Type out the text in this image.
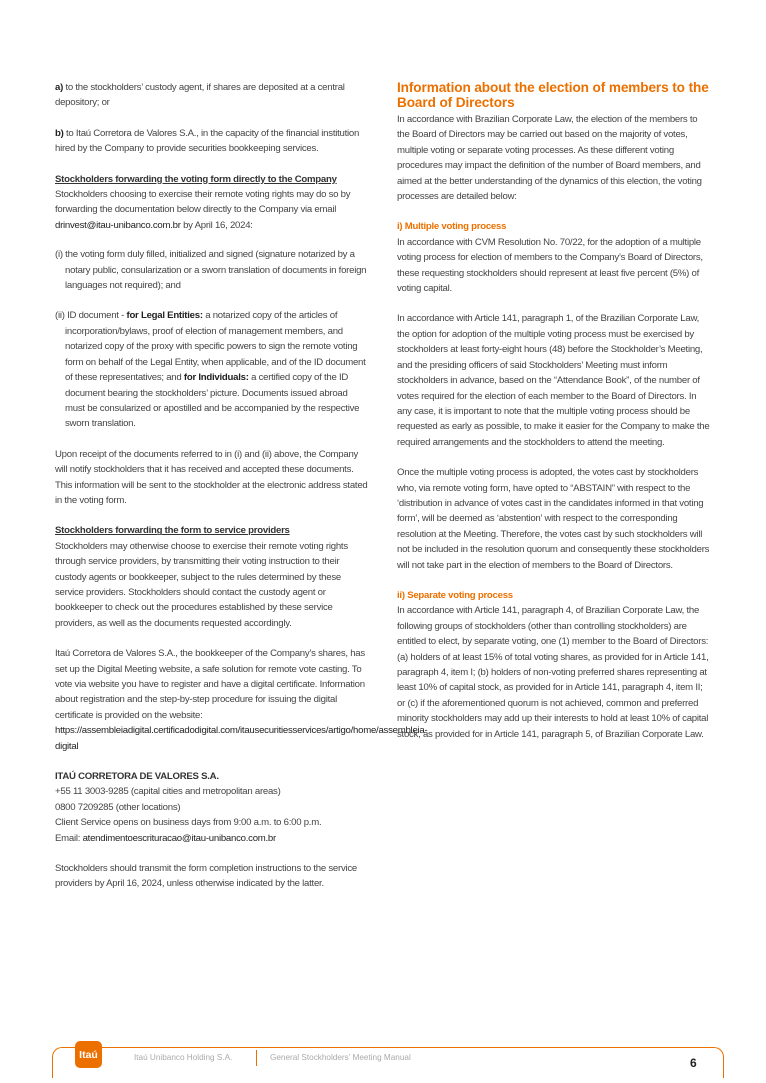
a) to the stockholders’ custody agent, if shares are deposited at a central depository; or

b) to Itaú Corretora de Valores S.A., in the capacity of the financial institution hired by the Company to provide securities bookkeeping services.

Stockholders forwarding the voting form directly to the Company
Stockholders choosing to exercise their remote voting rights may do so by forwarding the documentation below directly to the Company via email drinvest@itau-unibanco.com.br by April 16, 2024:

(i) the voting form duly filled, initialized and signed (signature notarized by a notary public, consularization or a sworn translation of documents in foreign languages not required); and
(ii) ID document - for Legal Entities: a notarized copy of the articles of incorporation/bylaws, proof of election of management members, and notarized copy of the proxy with specific powers to sign the remote voting form on behalf of the Legal Entity, when applicable, and of the ID document of these representatives; and for Individuals: a certified copy of the ID document bearing the stockholders’ picture. Documents issued abroad must be consularized or apostilled and be accompanied by the respective sworn translation.

Upon receipt of the documents referred to in (i) and (ii) above, the Company will notify stockholders that it has received and accepted these documents. This information will be sent to the stockholder at the electronic address stated in the voting form.

Stockholders forwarding the form to service providers
Stockholders may otherwise choose to exercise their remote voting rights through service providers, by transmitting their voting instruction to their custody agents or bookkeeper, subject to the rules determined by these service providers. Stockholders should contact the custody agent or bookkeeper to check out the procedures established by these service providers, as well as the documents requested accordingly.

Itaú Corretora de Valores S.A., the bookkeeper of the Company’s shares, has set up the Digital Meeting website, a safe solution for remote vote casting. To vote via website you have to register and have a digital certificate. Information about registration and the step-by-step procedure for issuing the digital certificate is provided on the website: https://assembleiadigital.certificadodigital.com/itausecuritiesservices/artigo/home/assembleia-digital

ITAÚ CORRETORA DE VALORES S.A.

+55 11 3003-9285 (capital cities and metropolitan areas)
0800 7209285 (other locations)
Client Service opens on business days from 9:00 a.m. to 6:00 p.m.
Email: atendimentoescrituracao@itau-unibanco.com.br

Stockholders should transmit the form completion instructions to the service providers by April 16, 2024, unless otherwise indicated by the latter.

Information about the election of members to the Board of Directors

In accordance with Brazilian Corporate Law, the election of the members to the Board of Directors may be carried out based on the majority of votes, multiple voting or separate voting processes. As these different voting procedures may impact the definition of the number of Board members, and aimed at the better understanding of the dynamics of this election, the voting processes are detailed below:

i) Multiple voting process

In accordance with CVM Resolution No. 70/22, for the adoption of a multiple voting process for election of members to the Company’s Board of Directors, these requesting stockholders should represent at least five percent (5%) of voting capital.

In accordance with Article 141, paragraph 1, of the Brazilian Corporate Law, the option for adoption of the multiple voting process must be exercised by stockholders at least forty-eight hours (48) before the Stockholder’s Meeting, and the presiding officers of said Stockholders’ Meeting must inform stockholders in advance, based on the “Attendance Book”, of the number of votes required for the election of each member to the Board of Directors. In any case, it is important to note that the multiple voting process should be requested as early as possible, to make it easier for the Company to make the required arrangements and the stockholders to attend the meeting.

Once the multiple voting process is adopted, the votes cast by stockholders who, via remote voting form, have opted to “ABSTAIN” with respect to the ‘distribution in advance of votes cast in the candidates informed in that voting form’, will be deemed as ‘abstention’ with respect to the corresponding resolution at the Meeting. Therefore, the votes cast by such stockholders will not be included in the resolution quorum and consequently these stockholders will not take part in the election of members to the Board of Directors.

ii) Separate voting process

In accordance with Article 141, paragraph 4, of Brazilian Corporate Law, the following groups of stockholders (other than controlling stockholders) are entitled to elect, by separate voting, one (1) member to the Board of Directors: (a) holders of at least 15% of total voting shares, as provided for in Article 141, paragraph 4, item I; (b) holders of non-voting preferred shares representing at least 10% of capital stock, as provided for in Article 141, paragraph 4, item II; or (c) if the aforementioned quorum is not achieved, common and preferred minority stockholders may add up their interests to hold at least 10% of capital stock, as provided for in Article 141, paragraph 5, of Brazilian Corporate Law.

Itaú	Itaú Unibanco Holding S.A.	General Stockholders’ Meeting Manual	6
